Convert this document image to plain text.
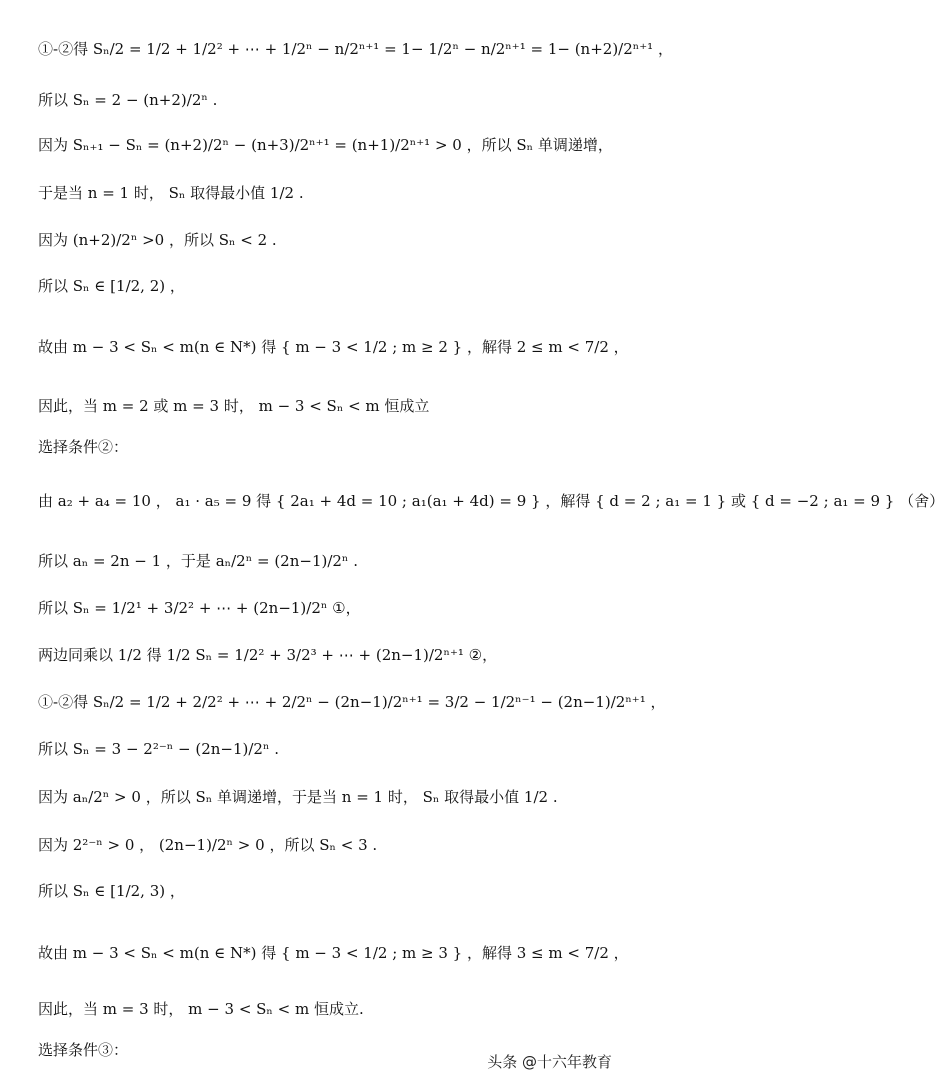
①-②得 Sₙ/2 = 1/2 + 1/2² + ⋯ + 1/2ⁿ − n/2ⁿ⁺¹ = 1− 1/2ⁿ − n/2ⁿ⁺¹ = 1− (n+2)/2ⁿ⁺¹ ，
所以 Sₙ = 2 − (n+2)/2ⁿ .
因为 Sₙ₊₁ − Sₙ = (n+2)/2ⁿ − (n+3)/2ⁿ⁺¹ = (n+1)/2ⁿ⁺¹ > 0 ，所以 Sₙ 单调递增，
于是当 n = 1 时， Sₙ 取得最小值 1/2 .
因为 (n+2)/2ⁿ >0 ，所以 Sₙ < 2 .
所以 Sₙ ∈ [1/2, 2) ，
故由 m − 3 < Sₙ < m(n ∈ N*) 得 { m − 3 < 1/2 ; m ≥ 2 } ，解得 2 ≤ m < 7/2 ，
因此，当 m = 2 或 m = 3 时， m − 3 < Sₙ < m 恒成立
选择条件②：
由 a₂ + a₄ = 10 ， a₁ · a₅ = 9 得 { 2a₁ + 4d = 10 ; a₁(a₁ + 4d) = 9 } ，解得 { d = 2 ; a₁ = 1 } 或 { d = −2 ; a₁ = 9 } （舍）
所以 aₙ = 2n − 1 ，于是 aₙ/2ⁿ = (2n−1)/2ⁿ .
所以 Sₙ = 1/2¹ + 3/2² + ⋯ + (2n−1)/2ⁿ ①，
两边同乘以 1/2 得 1/2 Sₙ = 1/2² + 3/2³ + ⋯ + (2n−1)/2ⁿ⁺¹ ②，
①-②得 Sₙ/2 = 1/2 + 2/2² + ⋯ + 2/2ⁿ − (2n−1)/2ⁿ⁺¹ = 3/2 − 1/2ⁿ⁻¹ − (2n−1)/2ⁿ⁺¹ ，
所以 Sₙ = 3 − 2²⁻ⁿ − (2n−1)/2ⁿ .
因为 aₙ/2ⁿ > 0 ，所以 Sₙ 单调递增，于是当 n = 1 时， Sₙ 取得最小值 1/2 .
因为 2²⁻ⁿ > 0 ， (2n−1)/2ⁿ > 0 ，所以 Sₙ < 3 .
所以 Sₙ ∈ [1/2, 3) ，
故由 m − 3 < Sₙ < m(n ∈ N*) 得 { m − 3 < 1/2 ; m ≥ 3 } ，解得 3 ≤ m < 7/2 ，
因此，当 m = 3 时， m − 3 < Sₙ < m 恒成立.
选择条件③：
头条 @十六年教育
